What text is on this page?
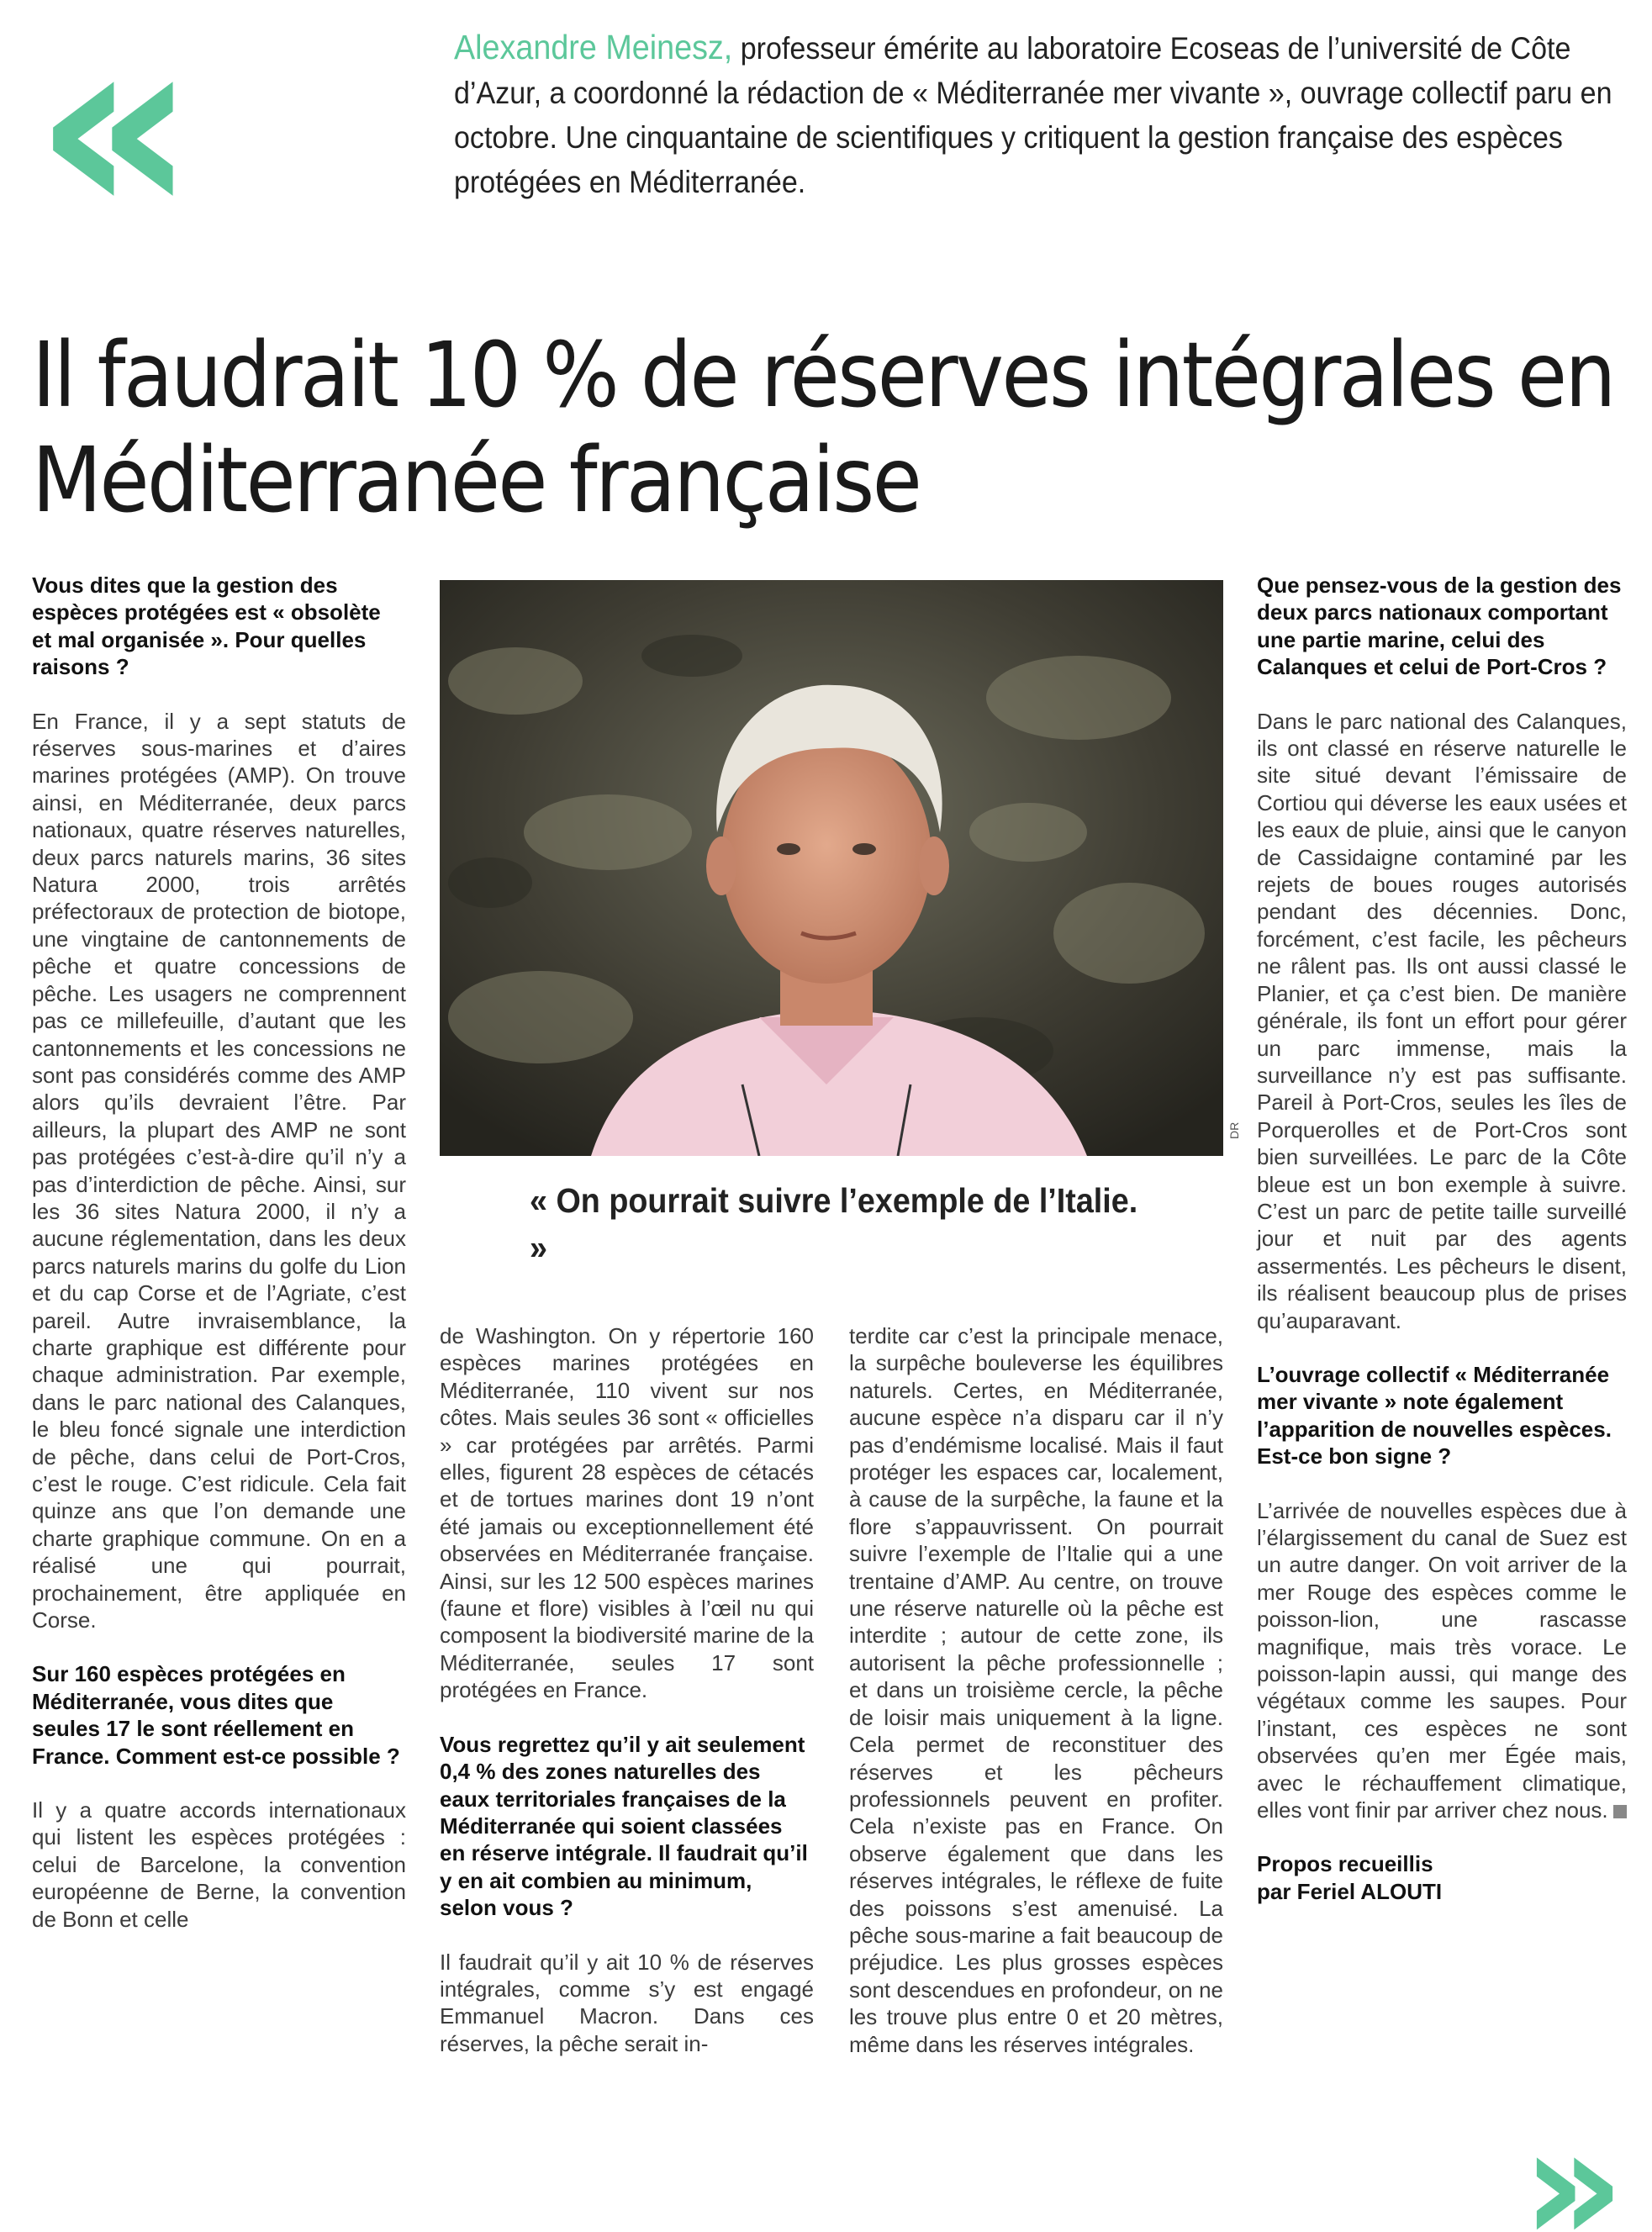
«	Alexandre Meinesz, professeur émérite au laboratoire Ecoseas de l’université de Côte d’Azur, a coordonné la rédaction de « Méditerranée mer vivante », ouvrage collectif paru en octobre. Une cinquantaine de scientifiques y critiquent la gestion française des espèces protégées en Méditerranée.
Il faudrait 10 % de réserves intégrales en Méditerranée française

Vous dites que la gestion des espèces protégées est « obsolète et mal organisée ». Pour quelles raisons ?

En France, il y a sept statuts de réserves sous-marines et d’aires marines protégées (AMP). On trouve ainsi, en Méditerranée, deux parcs nationaux, quatre réserves naturelles, deux parcs naturels marins, 36 sites Natura 2000, trois arrêtés préfectoraux de protection de biotope, une vingtaine de cantonnements de pêche et quatre concessions de pêche. Les usagers ne comprennent pas ce millefeuille, d’autant que les cantonnements et les concessions ne sont pas considérés comme des AMP alors qu’ils devraient l’être. Par ailleurs, la plupart des AMP ne sont pas protégées c’est-à-dire qu’il n’y a pas d’interdiction de pêche. Ainsi, sur les 36 sites Natura 2000, il n’y a aucune réglementation, dans les deux parcs naturels marins du golfe du Lion et du cap Corse et de l’Agriate, c’est pareil. Autre invraisemblance, la charte graphique est différente pour chaque administration. Par exemple, dans le parc national des Calanques, le bleu foncé signale une interdiction de pêche, dans celui de Port-Cros, c’est le rouge. C’est ridicule. Cela fait quinze ans que l’on demande une charte graphique commune. On en a réalisé une qui pourrait, prochainement, être appliquée en Corse.

Sur 160 espèces protégées en Méditerranée, vous dites que seules 17 le sont réellement en France. Comment est-ce possible ?

Il y a quatre accords internationaux qui listent les espèces protégées : celui de Barcelone, la convention européenne de Berne, la convention de Bonn et celle

DR
« On pourrait suivre l’exemple de l’Italie. »

de Washington. On y répertorie 160 espèces marines protégées en Méditerranée, 110 vivent sur nos côtes. Mais seules 36 sont « officielles » car protégées par arrêtés. Parmi elles, figurent 28 espèces de cétacés et de tortues marines dont 19 n’ont été jamais ou exceptionnellement été observées en Méditerranée française. Ainsi, sur les 12 500 espèces marines (faune et flore) visibles à l’œil nu qui composent la biodiversité marine de la Méditerranée, seules 17 sont protégées en France.

Vous regrettez qu’il y ait seulement 0,4 % des zones naturelles des eaux territoriales françaises de la Méditerranée qui soient classées en réserve intégrale. Il faudrait qu’il y en ait combien au minimum, selon vous ?

Il faudrait qu’il y ait 10 % de réserves intégrales, comme s’y est engagé Emmanuel Macron. Dans ces réserves, la pêche serait in-

terdite car c’est la principale menace, la surpêche bouleverse les équilibres naturels. Certes, en Méditerranée, aucune espèce n’a disparu car il n’y pas d’endémisme localisé. Mais il faut protéger les espaces car, localement, à cause de la surpêche, la faune et la flore s’appauvrissent. On pourrait suivre l’exemple de l’Italie qui a une trentaine d’AMP. Au centre, on trouve une réserve naturelle où la pêche est interdite ; autour de cette zone, ils autorisent la pêche professionnelle ; et dans un troisième cercle, la pêche de loisir mais uniquement à la ligne. Cela permet de reconstituer des réserves et les pêcheurs professionnels peuvent en profiter. Cela n’existe pas en France. On observe également que dans les réserves intégrales, le réflexe de fuite des poissons s’est amenuisé. La pêche sous-marine a fait beaucoup de préjudice. Les plus grosses espèces sont descendues en profondeur, on ne les trouve plus entre 0 et 20 mètres, même dans les réserves intégrales.

Que pensez-vous de la gestion des deux parcs nationaux comportant une partie marine, celui des Calanques et celui de Port-Cros ?

Dans le parc national des Calanques, ils ont classé en réserve naturelle le site situé devant l’émissaire de Cortiou qui déverse les eaux usées et les eaux de pluie, ainsi que le canyon de Cassidaigne contaminé par les rejets de boues rouges autorisés pendant des décennies. Donc, forcément, c’est facile, les pêcheurs ne râlent pas. Ils ont aussi classé le Planier, et ça c’est bien. De manière générale, ils font un effort pour gérer un parc immense, mais la surveillance n’y est pas suffisante. Pareil à Port-Cros, seules les îles de Porquerolles et de Port-Cros sont bien surveillées. Le parc de la Côte bleue est un bon exemple à suivre. C’est un parc de petite taille surveillé jour et nuit par des agents assermentés. Les pêcheurs le disent, ils réalisent beaucoup plus de prises qu’auparavant.

L’ouvrage collectif « Méditerranée mer vivante » note également l’apparition de nouvelles espèces. Est-ce bon signe ?

L’arrivée de nouvelles espèces due à l’élargissement du canal de Suez est un autre danger. On voit arriver de la mer Rouge des espèces comme le poisson-lion, une rascasse magnifique, mais très vorace. Le poisson-lapin aussi, qui mange des végétaux comme les saupes. Pour l’instant, ces espèces ne sont observées qu’en mer Égée mais, avec le réchauffement climatique, elles vont finir par arriver chez nous.

Propos recueillis
par Feriel ALOUTI

»
